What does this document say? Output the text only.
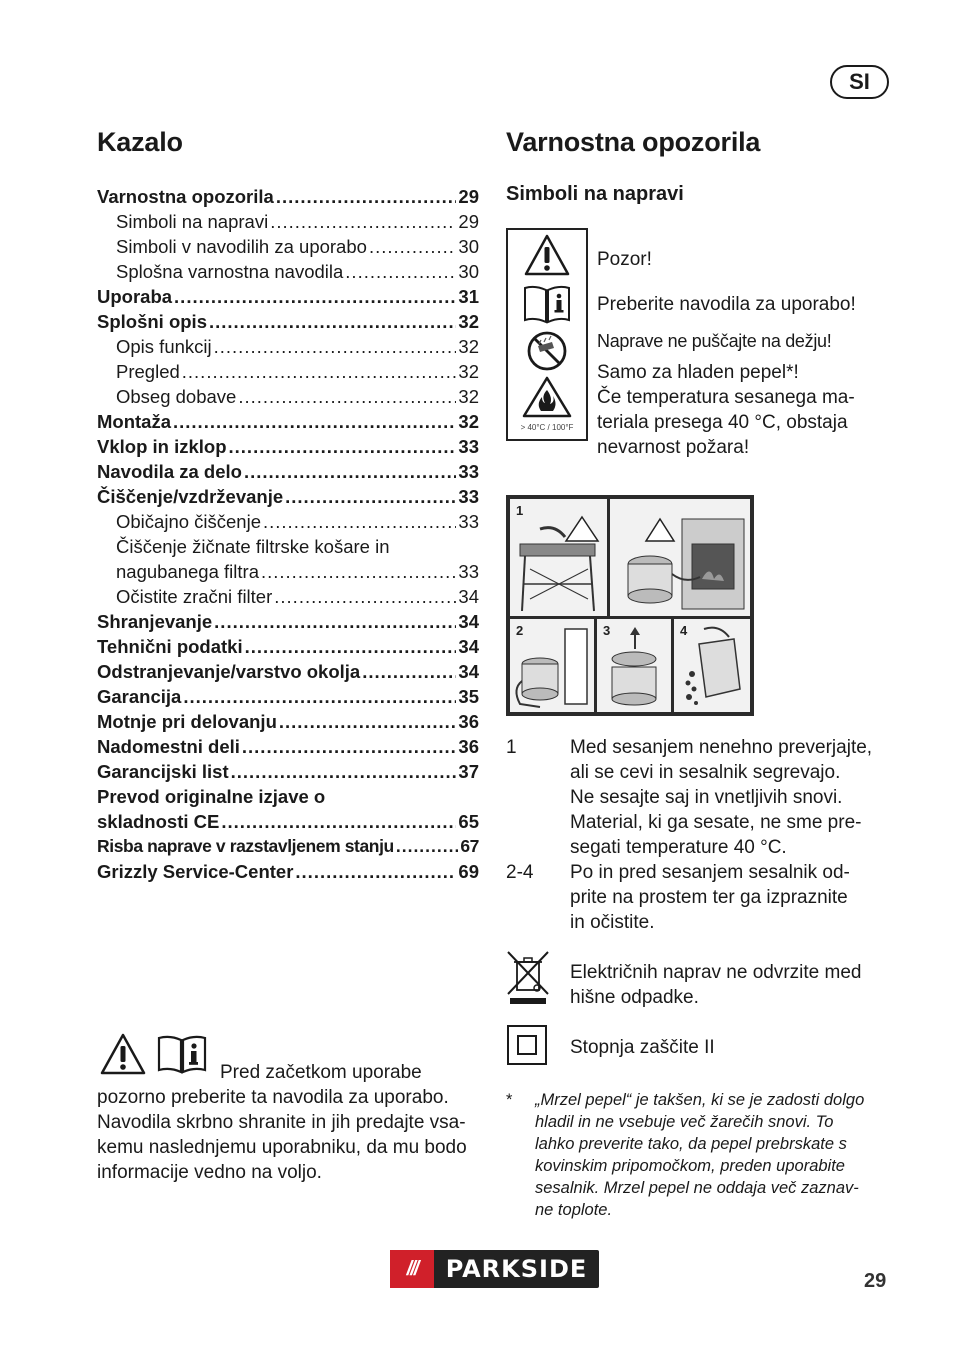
SI
Kazalo	Varnostna opozorila
Simboli na napravi
Varnostna opozorila .....	29
Simboli na napravi .....	29
Simboli v navodilih za uporabo .....	30
Splošna varnostna navodila .....	30
Uporaba .....	31
Splošni opis .....	32
Opis funkcij .....	32
Pregled .....	32
Obseg dobave .....	32
Montaža .....	32
Vklop in izklop .....	33
Navodila za delo .....	33
Čiščenje/vzdrževanje .....	33
Običajno čiščenje .....	33
Čiščenje žičnate filtrske košare in
nagubanega filtra .....	33
Očistite zračni filter .....	34
Shranjevanje .....	34
Tehnični podatki .....	34
Odstranjevanje/varstvo okolja .....	34
Garancija .....	35
Motnje pri delovanju .....	36
Nadomestni deli .....	36
Garancijski list .....	37
Prevod originalne izjave o
skladnosti CE .....	65
Risba naprave v razstavljenem stanju .....	67
Grizzly Service-Center .....	69
Pred začetkom uporabe
pozorno preberite ta navodila za uporabo.
Navodila skrbno shranite in jih predajte vsa-
kemu naslednjemu uporabniku, da mu bodo
informacije vedno na voljo.
> 40°C / 100°F
Pozor!
Preberite navodila za uporabo!
Naprave ne puščajte na dežju!
Samo za hladen pepel*!
Če temperatura sesanega ma-
teriala presega 40 °C, obstaja
nevarnost požara!
1
2	3	4
1	Med sesanjem nenehno preverjajte,
ali se cevi in sesalnik segrevajo.
Ne sesajte saj in vnetljivih snovi.
Material, ki ga sesate, ne sme pre-
segati temperature 40 °C.
2-4 Po in pred sesanjem sesalnik od-
prite na prostem ter ga izpraznite
in očistite.
Električnih naprav ne odvrzite med
hišne odpadke.
Stopnja zaščite II
* „Mrzel pepel“ je takšen, ki se je zadosti dolgo
hladil in ne vsebuje več žarečih snovi. To
lahko preverite tako, da pepel prebrskate s
kovinskim pripomočkom, preden uporabite
sesalnik. Mrzel pepel ne oddaja več zaznav-
ne toplote.
///	PARKSIDE	29
